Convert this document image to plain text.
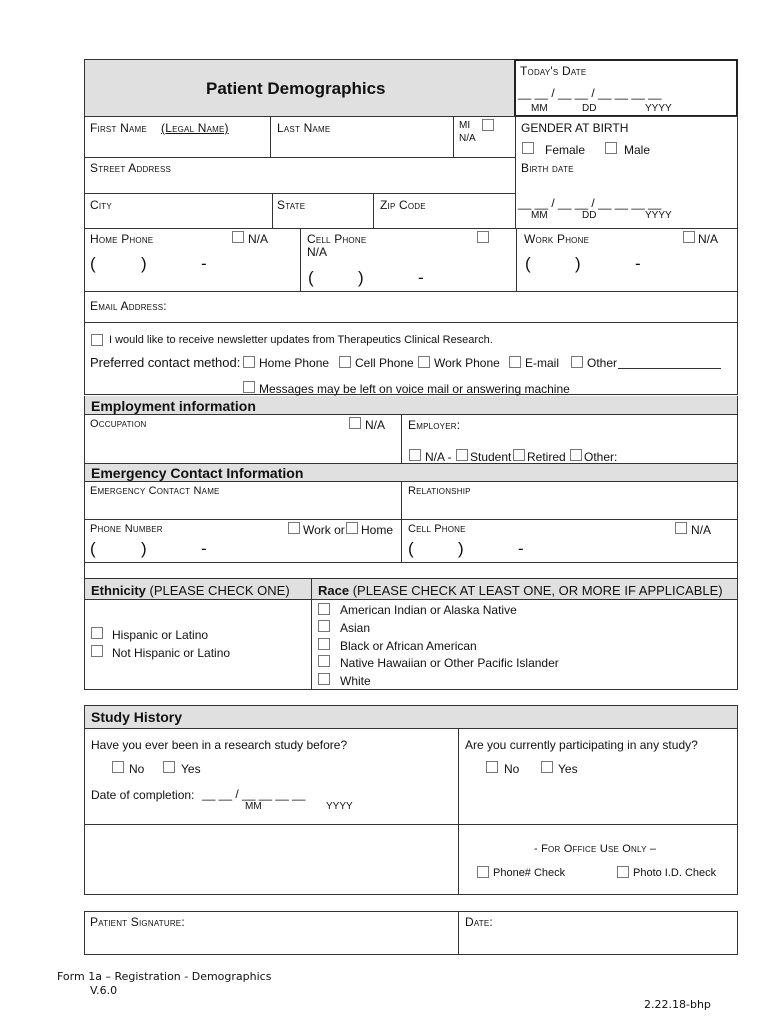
Patient Demographics
Today's Date
__ __ / __ __ / __ __ __ __
MM	DD	YYYY
First Name (Legal Name)	Last Name	MI
N/A
GENDER AT BIRTH
Female	Male
Street Address	Birth date
City	State	Zip Code	__ __ / __ __ / __ __ __ __
MM	DD	YYYY
Home Phone	N/A
(	)	-
Cell Phone
N/A
(	)	-
Work Phone	N/A
(	)	-
Email Address:
I would like to receive newsletter updates from Therapeutics Clinical Research.
Preferred contact method: Home Phone Cell Phone Work Phone E-mail Other
Messages may be left on voice mail or answering machine
Employment information
Occupation	N/A Employer:
N/A - Student Retired Other:
Emergency Contact Information
Emergency Contact Name	Relationship
Phone Number	Work or Home
(	)	-
Cell Phone	N/A
(	)	-
Ethnicity (PLEASE CHECK ONE) Race (PLEASE CHECK AT LEAST ONE, OR MORE IF APPLICABLE)
Hispanic or Latino
Not Hispanic or Latino
American Indian or Alaska Native
Asian
Black or African American
Native Hawaiian or Other Pacific Islander
White
Study History
Have you ever been in a research study before?
No	Yes
Date of completion: __ __ / __ __ __ __
MM	YYYY
Are you currently participating in any study?
No	Yes
- For Office Use Only –
Phone# Check	Photo I.D. Check
Patient Signature:	Date:
Form 1a – Registration - Demographics
V.6.0
2.22.18-bhp
